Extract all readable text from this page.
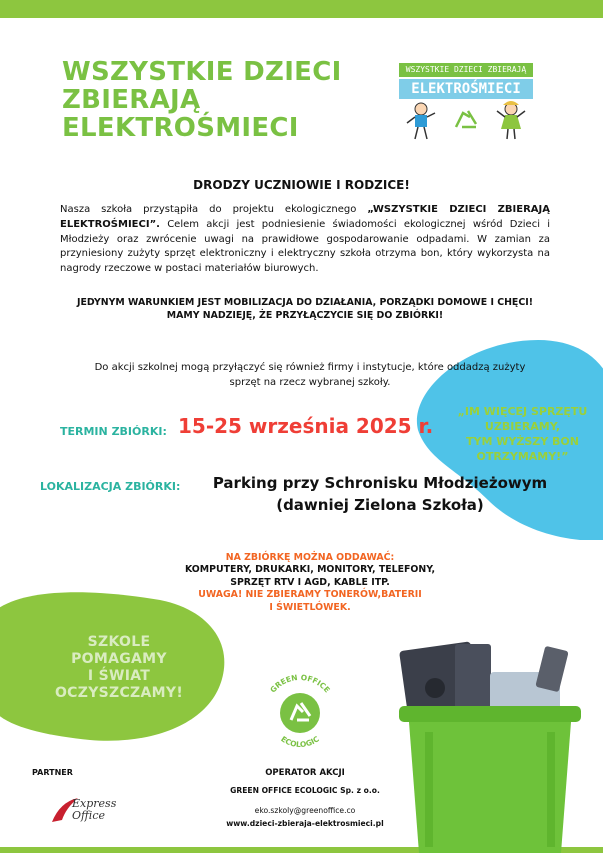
WSZYSTKIE DZIECI
ZBIERAJĄ
ELEKTROŚMIECI
WSZYSTKIE DZIECI ZBIERAJĄ
ELEKTROŚMIECI
DRODZY UCZNIOWIE I RODZICE!
Nasza szkoła przystąpiła do projektu ekologicznego „WSZYSTKIE DZIECI ZBIERAJĄ ELEKTROŚMIECI”. Celem akcji jest podniesienie świadomości ekologicznej wśród Dzieci i Młodzieży oraz zwrócenie uwagi na prawidłowe gospodarowanie odpadami. W zamian za przyniesiony zużyty sprzęt elektroniczny i elektryczny szkoła otrzyma bon, który wykorzysta na nagrody rzeczowe w postaci materiałów biurowych.
JEDYNYM WARUNKIEM JEST MOBILIZACJA DO DZIAŁANIA, PORZĄDKI DOMOWE I CHĘCI!
MAMY NADZIEJĘ, ŻE PRZYŁĄCZYCIE SIĘ DO ZBIÓRKI!
Do akcji szkolnej mogą przyłączyć się również firmy i instytucje, które oddadzą zużyty
sprzęt na rzecz wybranej szkoły.
„IM WIĘCEJ SPRZĘTU
UZBIERAMY,
TYM WYŻSZY BON
OTRZYMAMY!”
TERMIN ZBIÓRKI: 15-25 września 2025 r.
LOKALIZACJA ZBIÓRKI:	Parking przy Schronisku Młodzieżowym
(dawniej Zielona Szkoła)
NA ZBIÓRKĘ MOŻNA ODDAWAĆ:
KOMPUTERY, DRUKARKI, MONITORY, TELEFONY,
SPRZĘT RTV I AGD, KABLE ITP.
UWAGA! NIE ZBIERAMY TONERÓW,BATERII
I ŚWIETLÓWEK.
SZKOLE
POMAGAMY
I ŚWIAT
OCZYSZCZAMY!	GREEN OFFICE
ECOLOGIC
PARTNER
Express
Office
OPERATOR AKCJI
GREEN OFFICE ECOLOGIC Sp. z o.o.
eko.szkoly@greenoffice.co
www.dzieci-zbieraja-elektrosmieci.pl
